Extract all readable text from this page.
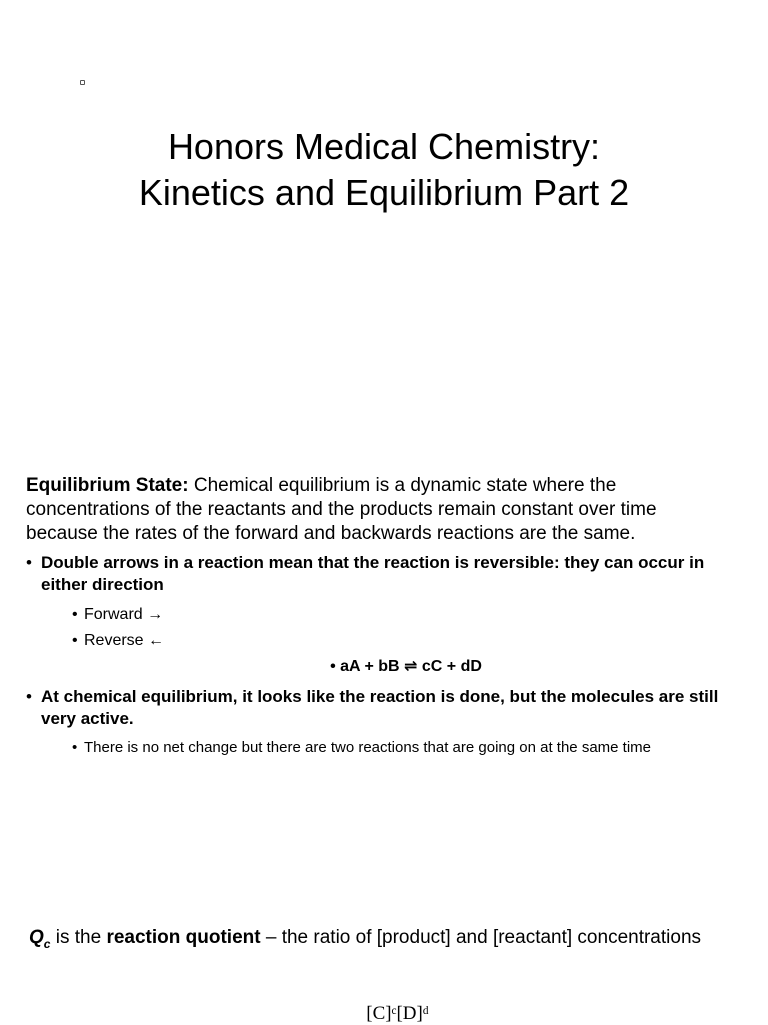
Honors Medical Chemistry:
Kinetics and Equilibrium Part 2

Equilibrium State: Chemical equilibrium is a dynamic state where the concentrations of the reactants and the products remain constant over time because the rates of the forward and backwards reactions are the same.

• Double arrows in a reaction mean that the reaction is reversible: they can occur in either direction
• Forward →
• Reverse ←
• aA + bB ⇌ cC + dD
• At chemical equilibrium, it looks like the reaction is done, but the molecules are still very active.
• There is no net change but there are two reactions that are going on at the same time
$Q_c$ is the reaction quotient – the ratio of [product] and [reactant] concentrations
[C]ᶜ[D]ᵈ
